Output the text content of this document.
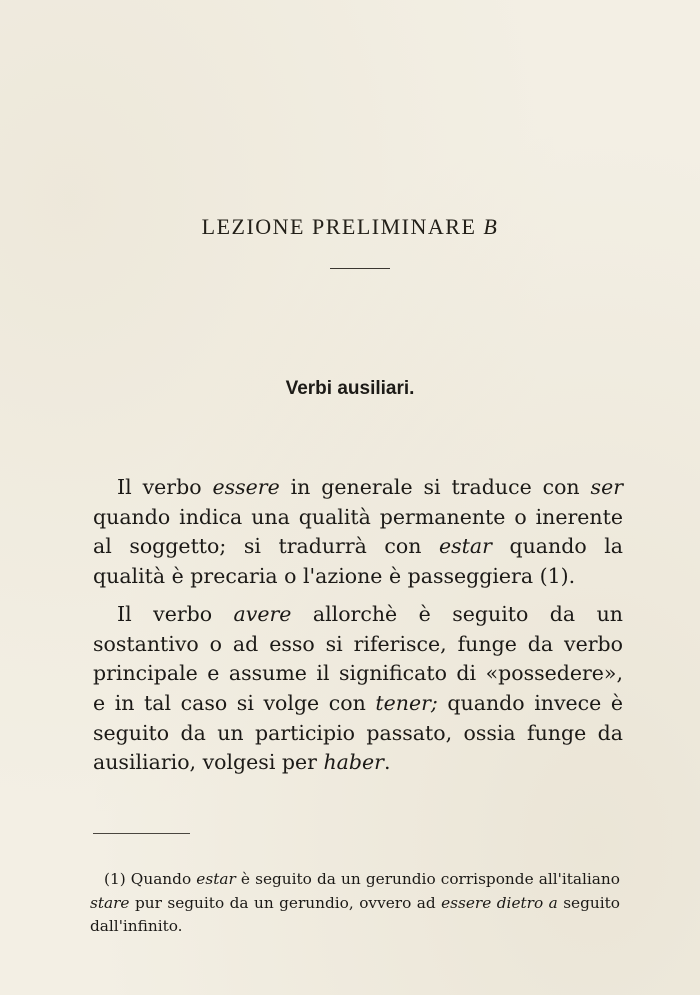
LEZIONE PRELIMINARE B
Verbi ausiliari.

Il verbo essere in generale si traduce con ser quando indica una qualità permanente o inerente al soggetto; si tradurrà con estar quando la qualità è precaria o l'azione è passeggiera (1).

Il verbo avere allorchè è seguito da un sostantivo o ad esso si riferisce, funge da verbo principale e assume il significato di «possedere», e in tal caso si volge con tener; quando invece è seguito da un participio passato, ossia funge da ausiliario, volgesi per haber.

(1) Quando estar è seguito da un gerundio corrisponde all'italiano stare pur seguito da un gerundio, ovvero ad essere dietro a seguito dall'infinito.
